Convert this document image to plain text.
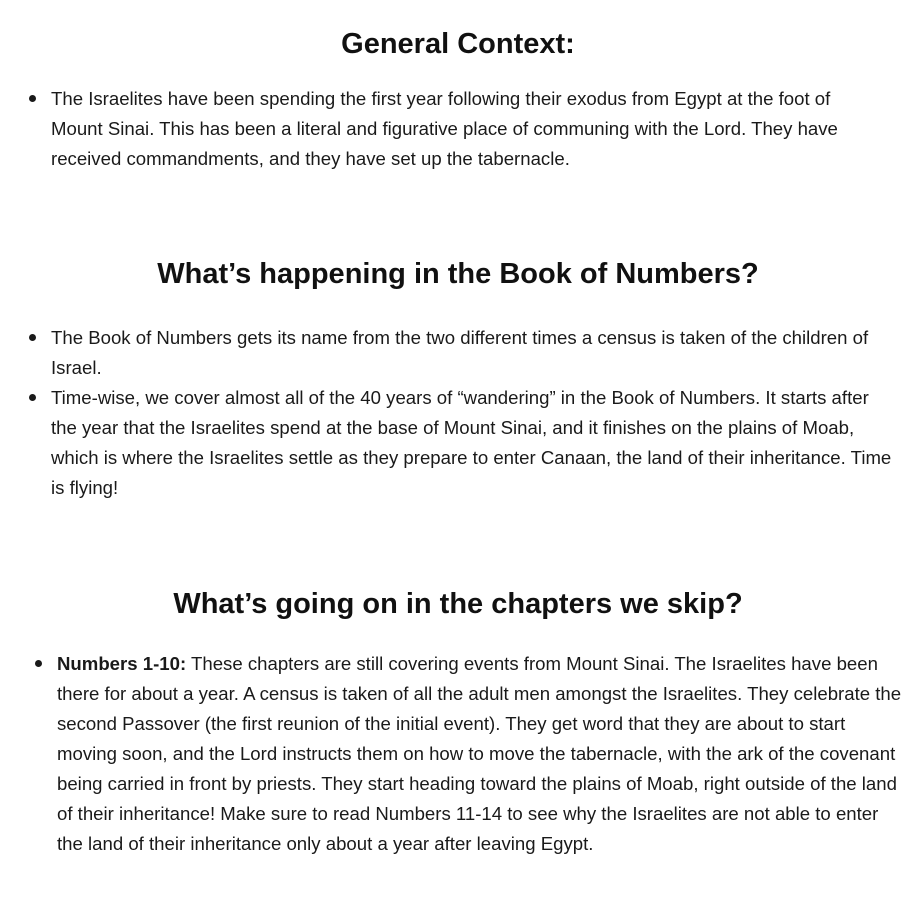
General Context:
The Israelites have been spending the first year following their exodus from Egypt at the foot of Mount Sinai. This has been a literal and figurative place of communing with the Lord. They have received commandments, and they have set up the tabernacle.
What’s happening in the Book of Numbers?
The Book of Numbers gets its name from the two different times a census is taken of the children of Israel.
Time-wise, we cover almost all of the 40 years of “wandering” in the Book of Numbers. It starts after the year that the Israelites spend at the base of Mount Sinai, and it finishes on the plains of Moab, which is where the Israelites settle as they prepare to enter Canaan, the land of their inheritance. Time is flying!
What’s going on in the chapters we skip?
Numbers 1-10: These chapters are still covering events from Mount Sinai. The Israelites have been there for about a year. A census is taken of all the adult men amongst the Israelites. They celebrate the second Passover (the first reunion of the initial event). They get word that they are about to start moving soon, and the Lord instructs them on how to move the tabernacle, with the ark of the covenant being carried in front by priests. They start heading toward the plains of Moab, right outside of the land of their inheritance! Make sure to read Numbers 11-14 to see why the Israelites are not able to enter the land of their inheritance only about a year after leaving Egypt.
